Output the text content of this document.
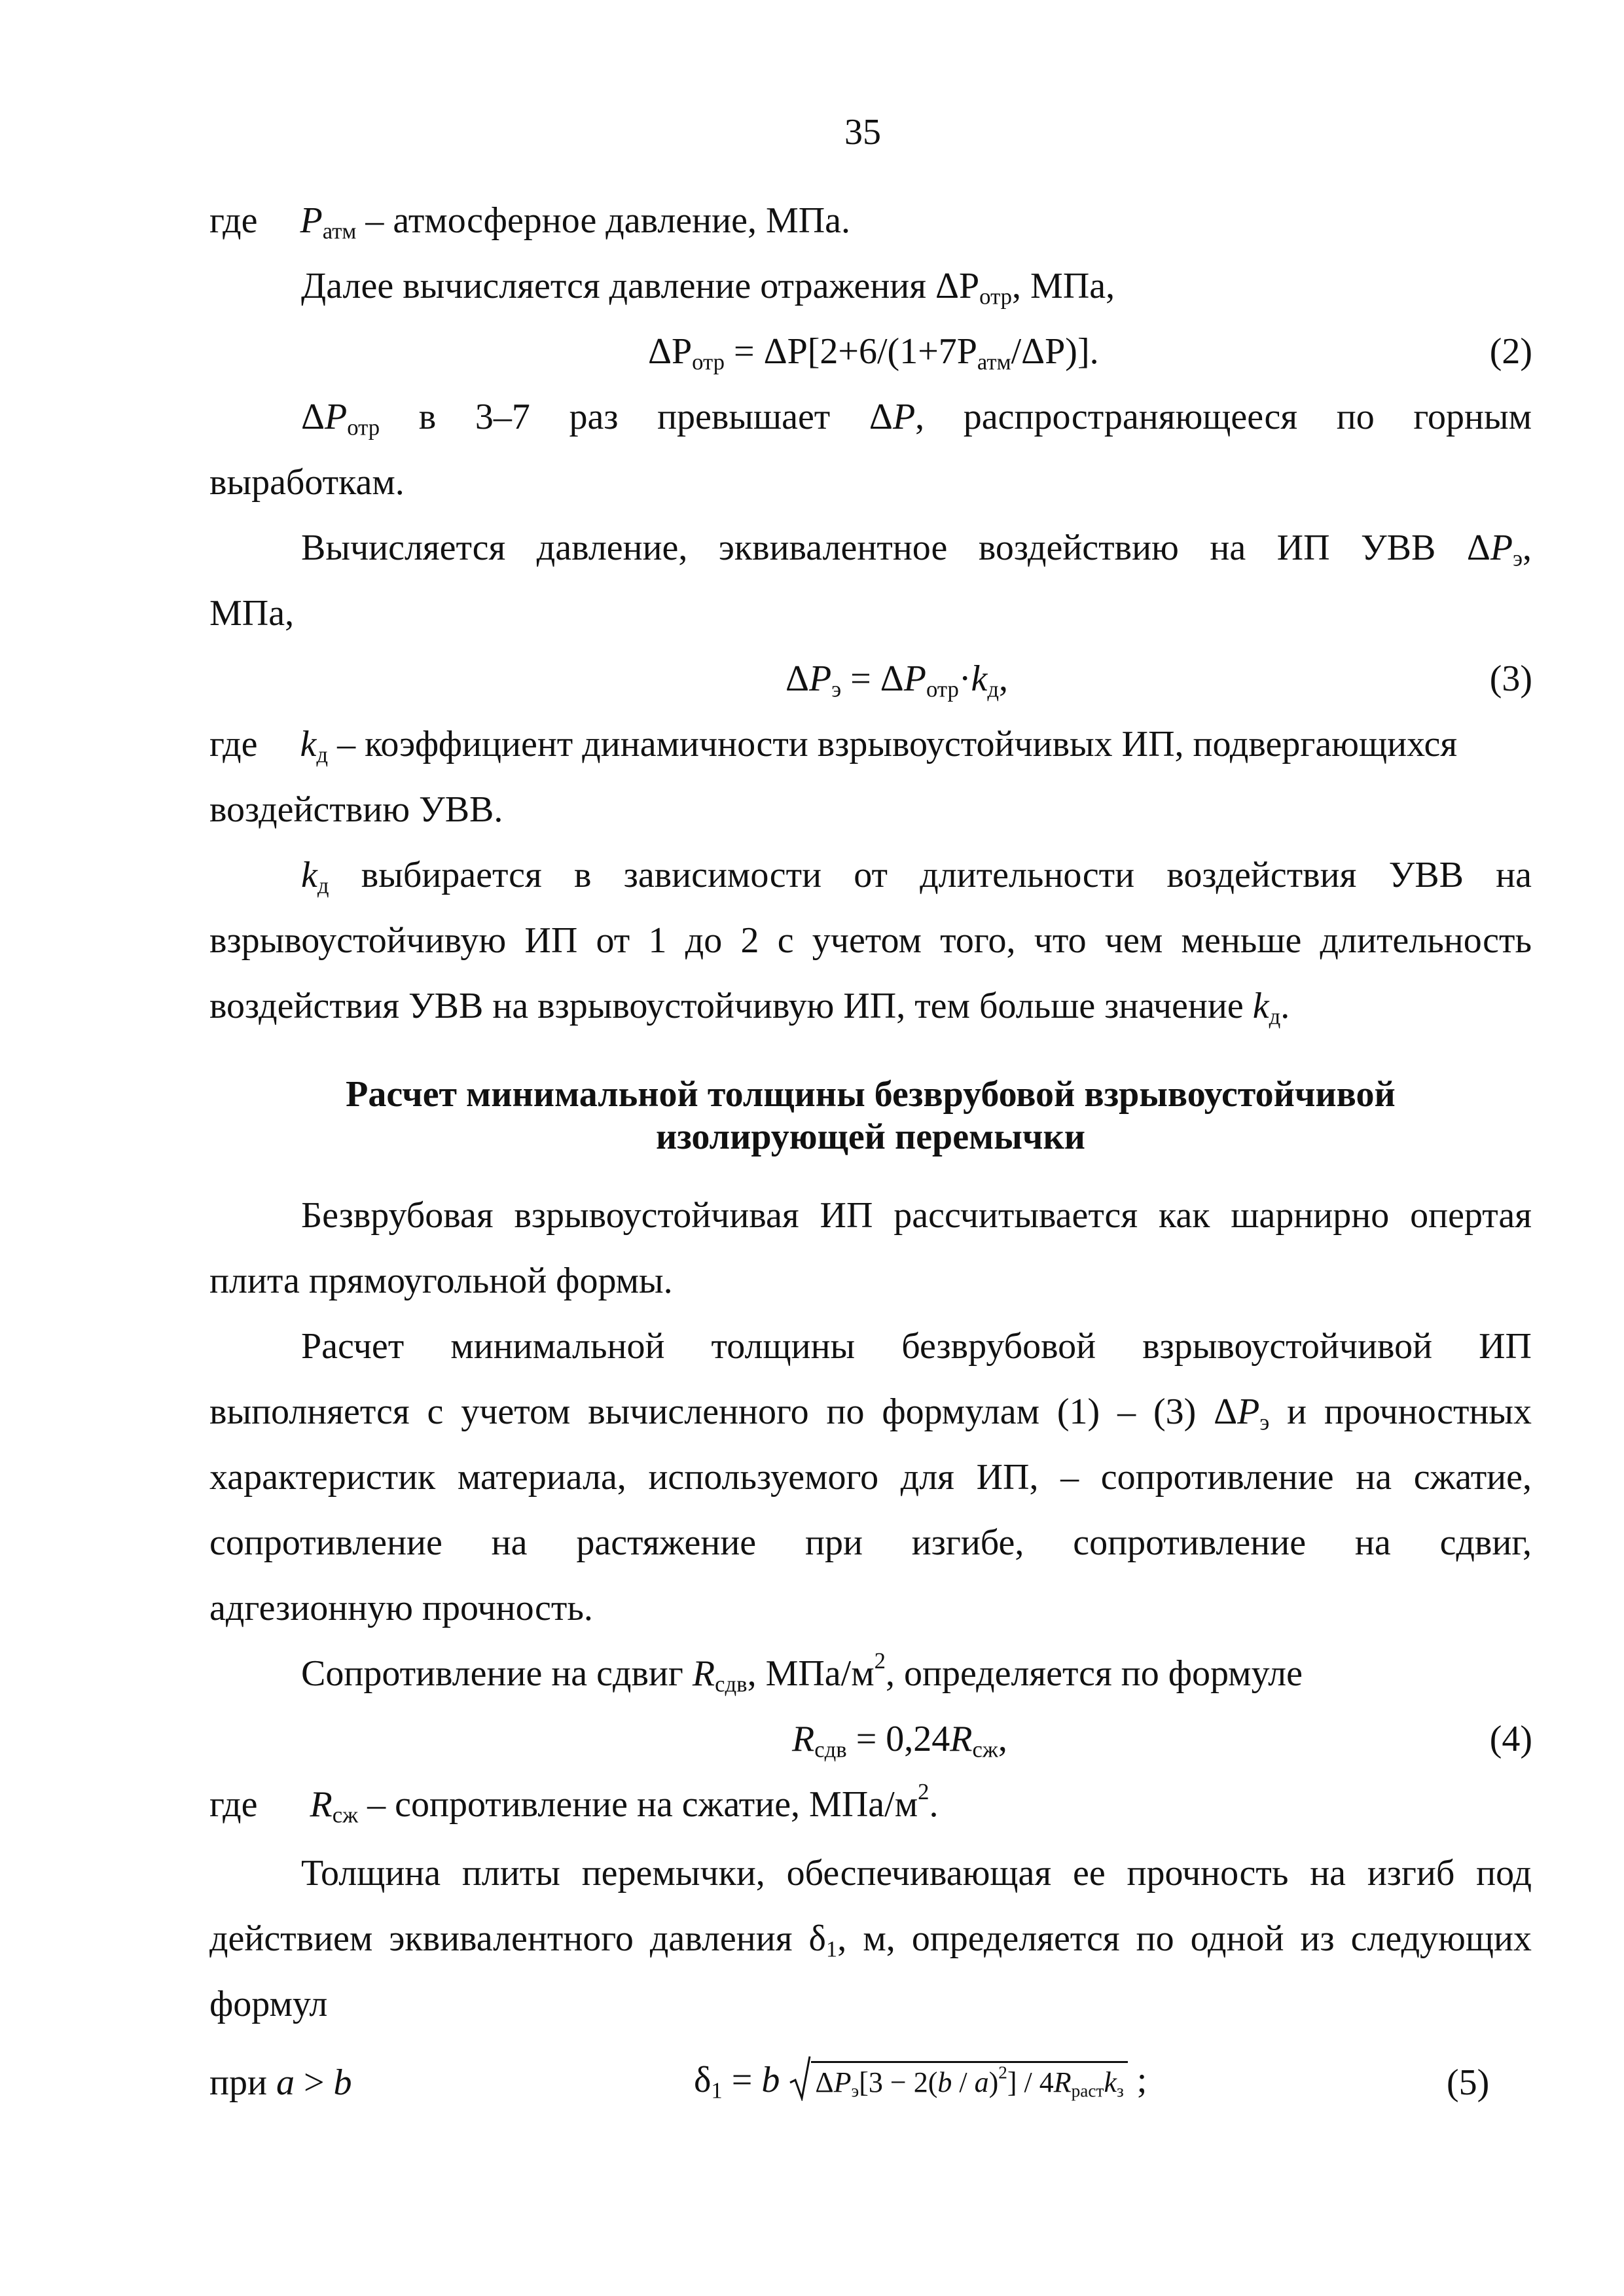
35
где $P_{атм}$ – атмосферное давление, МПа.
Далее вычисляется давление отражения $\Delta P_{отр}$, МПа,
$\Delta P_{отр} = \Delta P[2+6/(1+7P_{атм}/\Delta P)]$.	(2)
$\Delta P_{отр}$ в 3–7 раз превышает ΔP, распространяющееся по горным
выработкам.
Вычисляется давление, эквивалентное воздействию на ИП УВВ $\Delta P_э$,
МПа,
$\Delta P_э = \Delta P_{отр}\cdot k_д$,	(3)
где $k_д$ – коэффициент динамичности взрывоустойчивых ИП, подвергающихся
воздействию УВВ.
$k_д$ выбирается в зависимости от длительности воздействия УВВ на
взрывоустойчивую ИП от 1 до 2 с учетом того, что чем меньше длительность
воздействия УВВ на взрывоустойчивую ИП, тем больше значение $k_д$.
Расчет минимальной толщины безврубовой взрывоустойчивой
изолирующей перемычки
Безврубовая взрывоустойчивая ИП рассчитывается как шарнирно опертая
плита прямоугольной формы.
Расчет минимальной толщины безврубовой взрывоустойчивой ИП
выполняется с учетом вычисленного по формулам (1) – (3) $\Delta P_э$ и прочностных
характеристик материала, используемого для ИП, – сопротивление на сжатие,
сопротивление на растяжение при изгибе, сопротивление на сдвиг,
адгезионную прочность.
Сопротивление на сдвиг $R_{сдв}$, МПа/$м^2$, определяется по формуле
$R_{сдв} = 0,24R_{сж}$,	(4)
где $R_{сж}$ – сопротивление на сжатие, МПа/$м^2$.
Толщина плиты перемычки, обеспечивающая ее прочность на изгиб под
действием эквивалентного давления $\delta_1$, м, определяется по одной из следующих
формул
при a > b	$\delta_1 = b$ $\Delta P_э[3 - 2(b / a)^2] / 4R_{раст}k_з$ ;	(5)
